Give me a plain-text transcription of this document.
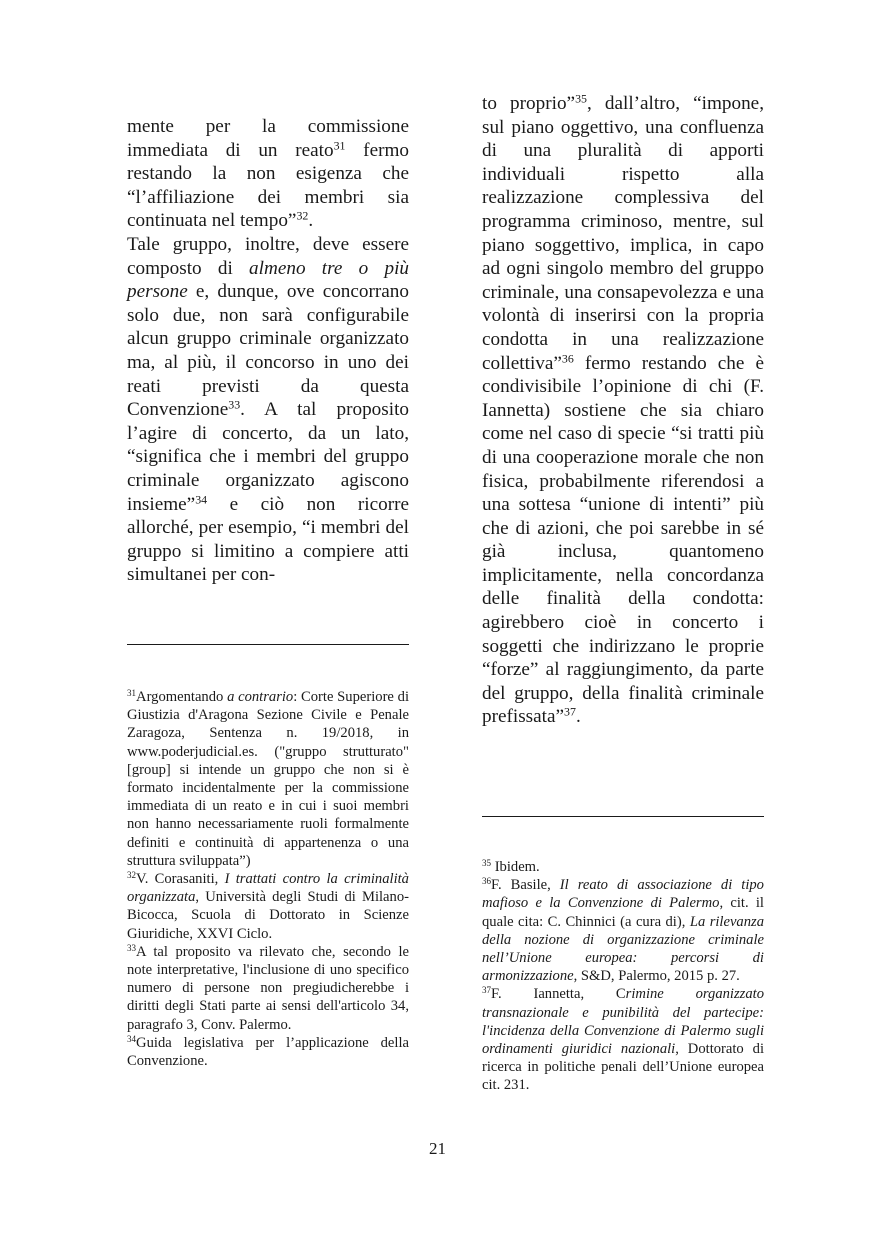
mente per la commissione immediata di un reato$^{31}$ fermo restando la non esigenza che “l’affiliazione dei membri sia continuata nel tempo”$^{32}$.

Tale gruppo, inoltre, deve essere composto di almeno tre o più persone e, dunque, ove concorrano solo due, non sarà configurabile alcun gruppo criminale organizzato ma, al più, il concorso in uno dei reati previsti da questa Convenzione$^{33}$. A tal proposito l’agire di concerto, da un lato, “significa che i membri del gruppo criminale organizzato agiscono insieme”$^{34}$ e ciò non ricorre allorché, per esempio, “i membri del gruppo si limitino a compiere atti simultanei per con-

$^{31}$Argomentando a contrario: Corte Superiore di Giustizia d'Aragona Sezione Civile e Penale Zaragoza, Sentenza n. 19/2018, in www.poderjudicial.es. ("gruppo strutturato" [group] si intende un gruppo che non si è formato incidentalmente per la commissione immediata di un reato e in cui i suoi membri non hanno necessariamente ruoli formalmente definiti e continuità di appartenenza o una struttura sviluppata”)

$^{32}$V. Corasaniti, I trattati contro la criminalità organizzata, Università degli Studi di Milano-Bicocca, Scuola di Dottorato in Scienze Giuridiche, XXVI Ciclo.

$^{33}$A tal proposito va rilevato che, secondo le note interpretative, l'inclusione di uno specifico numero di persone non pregiudicherebbe i diritti degli Stati parte ai sensi dell'articolo 34, paragrafo 3, Conv. Palermo.

$^{34}$Guida legislativa per l’applicazione della Convenzione.

to proprio”$^{35}$, dall’altro, “impone, sul piano oggettivo, una confluenza di una pluralità di apporti individuali rispetto alla realizzazione complessiva del programma criminoso, mentre, sul piano soggettivo, implica, in capo ad ogni singolo membro del gruppo criminale, una consapevolezza e una volontà di inserirsi con la propria condotta in una realizzazione collettiva”$^{36}$ fermo restando che è condivisibile l’opinione di chi (F. Iannetta) sostiene che sia chiaro come nel caso di specie “si tratti più di una cooperazione morale che non fisica, probabilmente riferendosi a una sottesa “unione di intenti” più che di azioni, che poi sarebbe in sé già inclusa, quantomeno implicitamente, nella concordanza delle finalità della condotta: agirebbero cioè in concerto i soggetti che indirizzano le proprie “forze” al raggiungimento, da parte del gruppo, della finalità criminale prefissata”$^{37}$.

$^{35}$ Ibidem.

$^{36}$F. Basile, Il reato di associazione di tipo mafioso e la Convenzione di Palermo, cit. il quale cita: C. Chinnici (a cura di), La rilevanza della nozione di organizzazione criminale nell’Unione europea: percorsi di armonizzazione, S&D, Palermo, 2015 p. 27.

$^{37}$F. Iannetta, Crimine organizzato transnazionale e punibilità del partecipe: l'incidenza della Convenzione di Palermo sugli ordinamenti giuridici nazionali, Dottorato di ricerca in politiche penali dell’Unione europea cit. 231.

21
